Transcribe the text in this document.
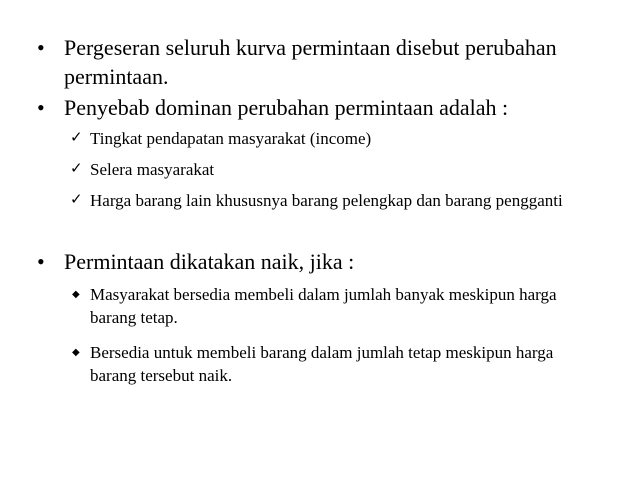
• Pergeseran seluruh kurva permintaan disebut perubahan permintaan.
• Penyebab dominan perubahan permintaan adalah :
✓ Tingkat pendapatan masyarakat (income)
✓ Selera masyarakat
✓ Harga barang lain khususnya barang pelengkap dan barang pengganti
• Permintaan dikatakan naik, jika :
◆ Masyarakat bersedia membeli dalam jumlah banyak meskipun harga barang tetap.
◆ Bersedia untuk membeli barang dalam jumlah tetap meskipun harga barang tersebut naik.
